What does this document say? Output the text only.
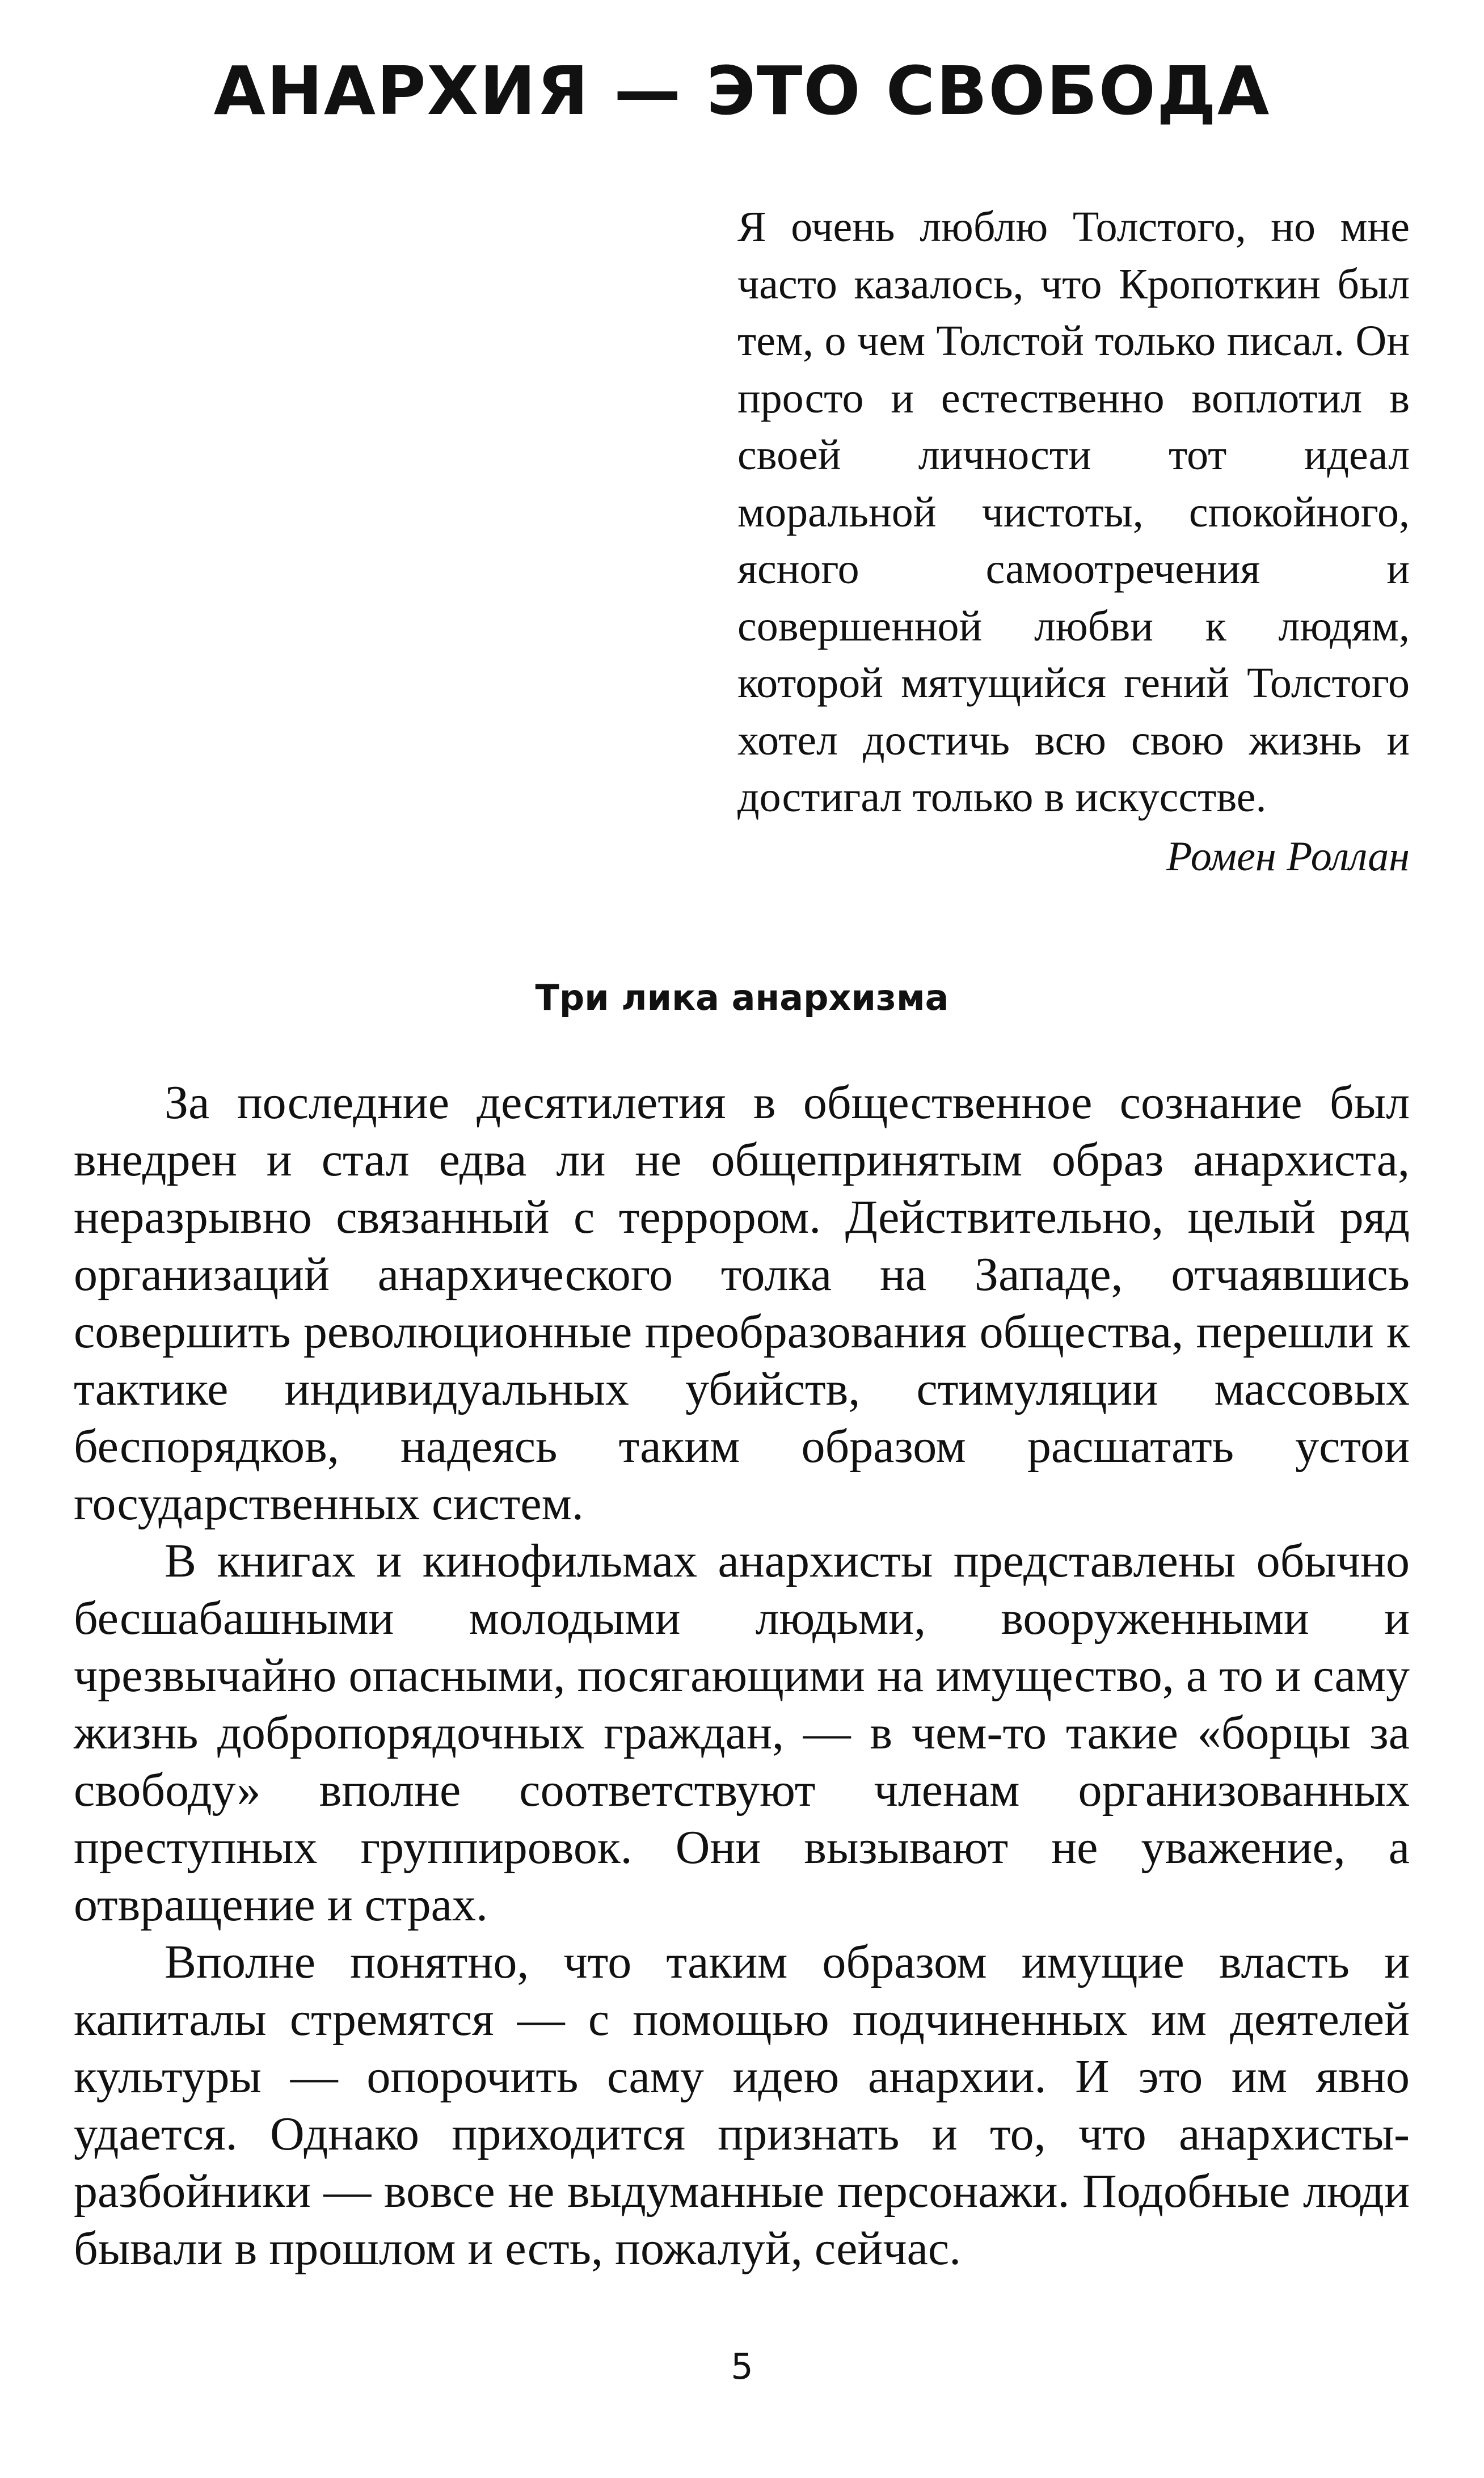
АНАРХИЯ — ЭТО СВОБОДА

Я очень люблю Толстого, но мне часто казалось, что Кропоткин был тем, о чем Толстой только писал. Он просто и естественно воплотил в своей личности тот идеал моральной чистоты, спокойного, ясного самоотречения и совершенной любви к людям, которой мятущийся гений Толстого хотел достичь всю свою жизнь и достигал только в искусстве.

Ромен Роллан

Три лика анархизма

За последние десятилетия в общественное сознание был внедрен и стал едва ли не общепринятым образ анархиста, неразрывно связанный с террором. Действительно, целый ряд организаций анархического толка на Западе, отчаявшись совершить революционные преобразования общества, перешли к тактике индивидуальных убийств, стимуляции массовых беспорядков, надеясь таким образом расшатать устои государственных систем.

В книгах и кинофильмах анархисты представлены обычно бесшабашными молодыми людьми, вооруженными и чрезвычайно опасными, посягающими на имущество, а то и саму жизнь добропорядочных граждан, — в чем-то такие «борцы за свободу» вполне соответствуют членам организованных преступных группировок. Они вызывают не уважение, а отвращение и страх.

Вполне понятно, что таким образом имущие власть и капиталы стремятся — с помощью подчиненных им деятелей культуры — опорочить саму идею анархии. И это им явно удается. Однако приходится признать и то, что анархисты-разбойники — вовсе не выдуманные персонажи. Подобные люди бывали в прошлом и есть, пожалуй, сейчас.

5
